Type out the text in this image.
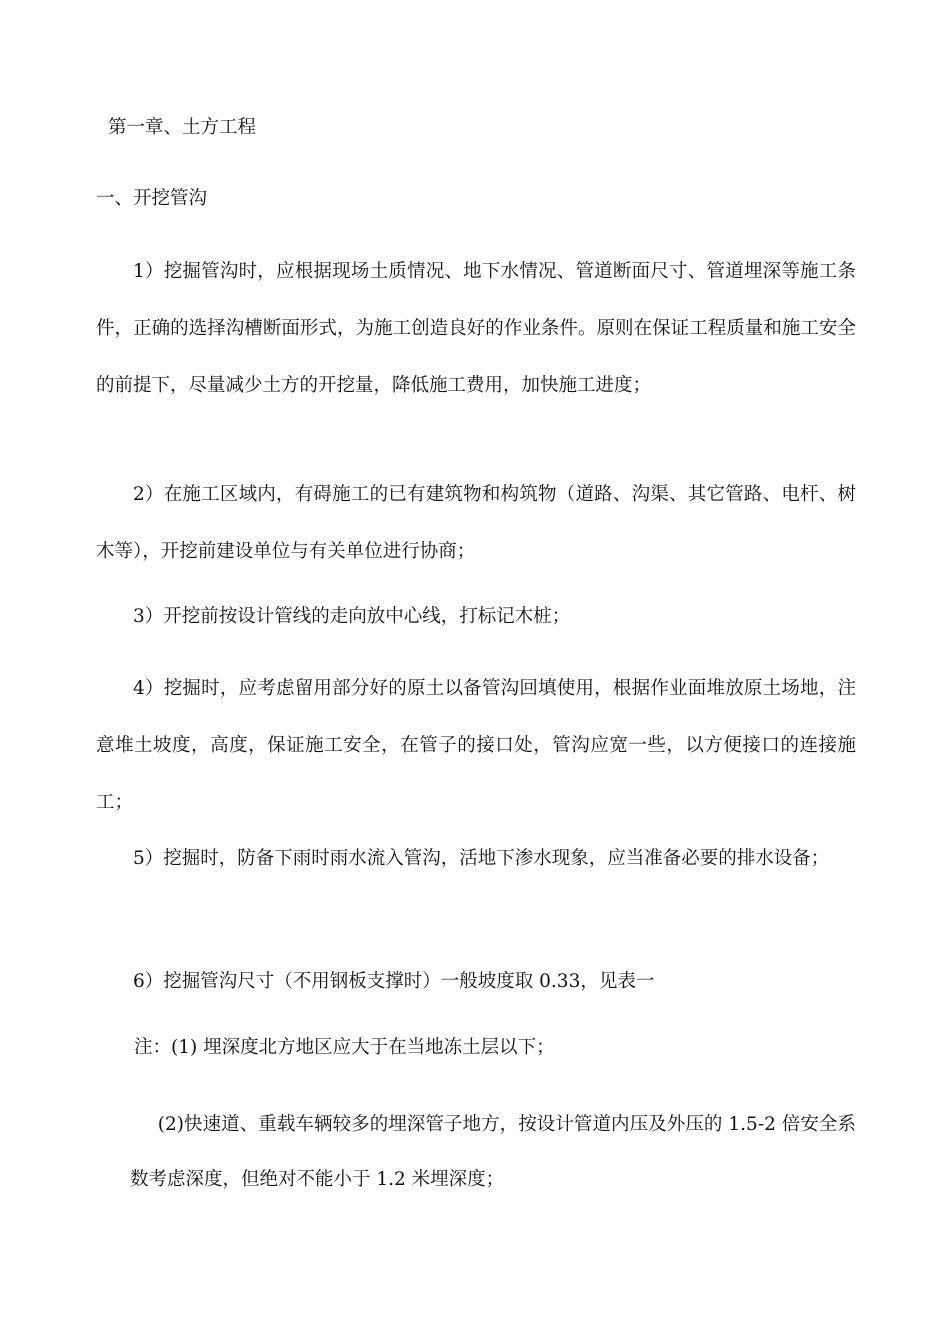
第一章、土方工程
一、开挖管沟
1）挖掘管沟时，应根据现场土质情况、地下水情况、管道断面尺寸、管道埋深等施工条件，正确的选择沟槽断面形式，为施工创造良好的作业条件。原则在保证工程质量和施工安全的前提下，尽量减少土方的开挖量，降低施工费用，加快施工进度；
2）在施工区域内，有碍施工的已有建筑物和构筑物（道路、沟渠、其它管路、电杆、树木等），开挖前建设单位与有关单位进行协商；
3）开挖前按设计管线的走向放中心线，打标记木桩；
4）挖掘时，应考虑留用部分好的原土以备管沟回填使用，根据作业面堆放原土场地，注意堆土坡度，高度，保证施工安全，在管子的接口处，管沟应宽一些，以方便接口的连接施工；
5）挖掘时，防备下雨时雨水流入管沟，活地下渗水现象，应当准备必要的排水设备；
6）挖掘管沟尺寸（不用钢板支撑时）一般坡度取 0.33，见表一
注：(1) 埋深度北方地区应大于在当地冻土层以下；
(2)快速道、重载车辆较多的埋深管子地方，按设计管道内压及外压的 1.5-2 倍安全系数考虑深度，但绝对不能小于 1.2 米埋深度；
